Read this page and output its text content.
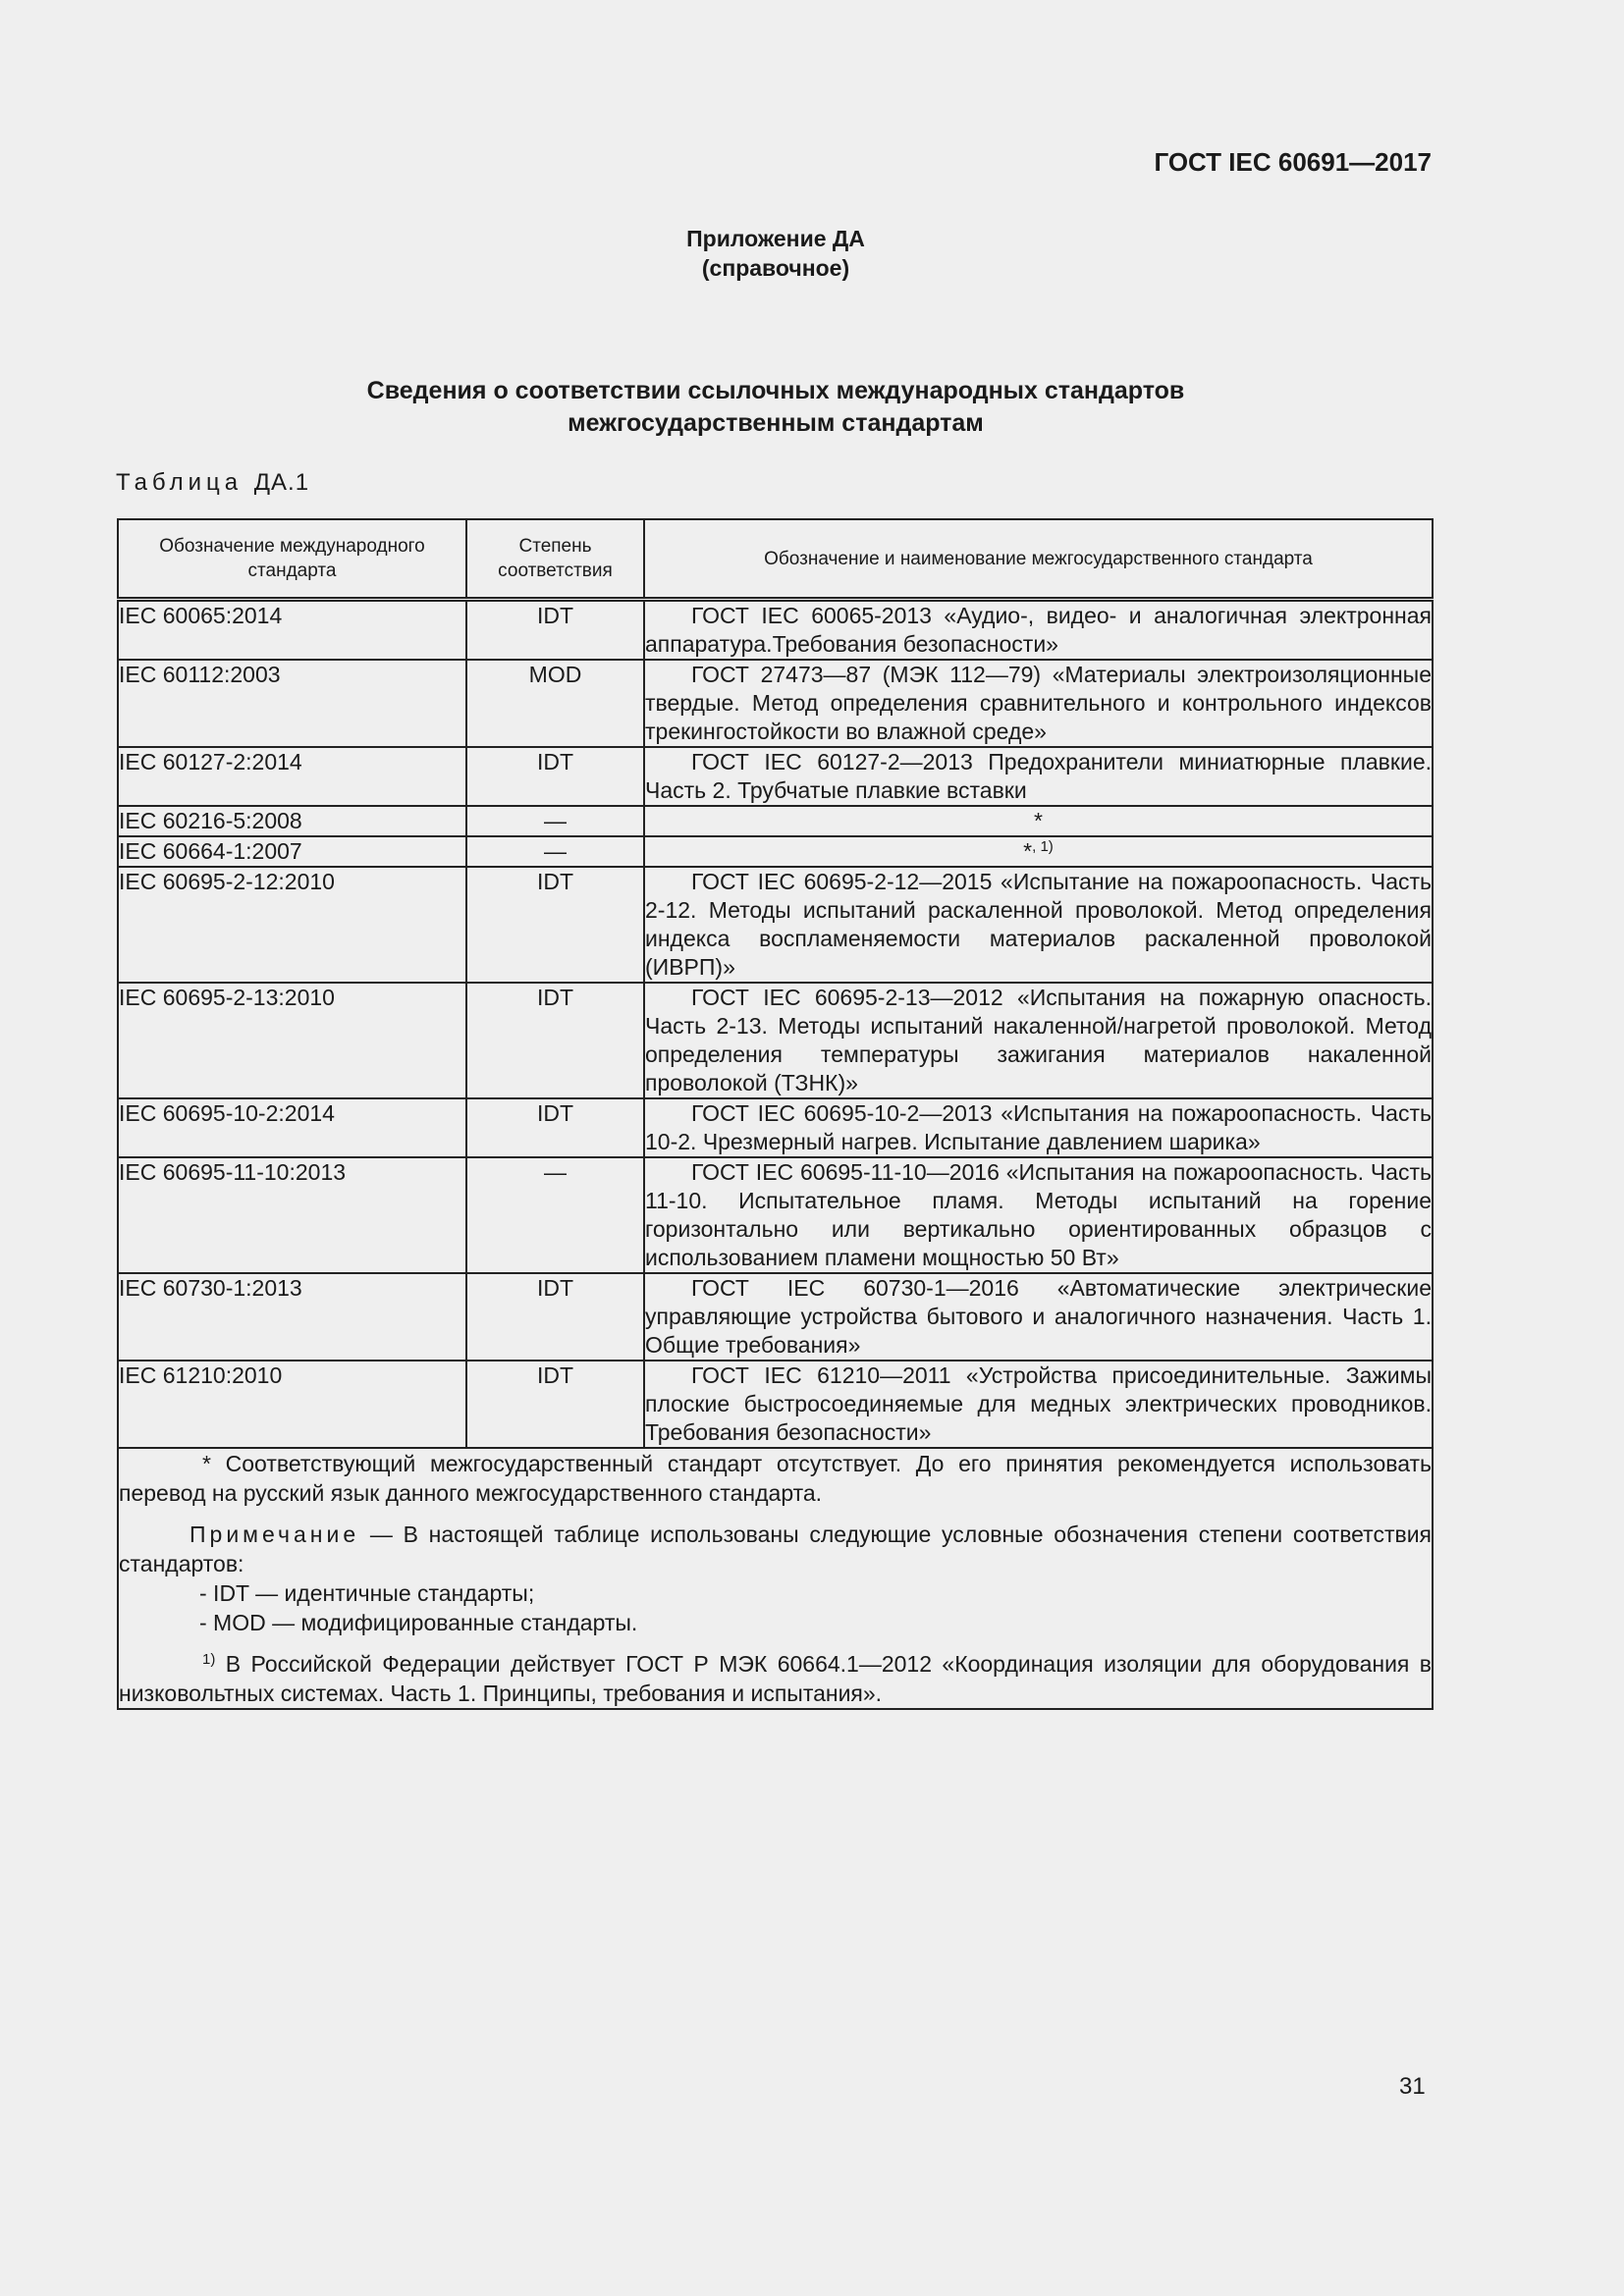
ГОСТ IEC 60691—2017
Приложение ДА
(справочное)
Сведения о соответствии ссылочных международных стандартов
межгосударственным стандартам
Таблица ДА.1
Обозначение международного стандарта	Степень соответствия	Обозначение и наименование межгосударственного стандарта
IEC 60065:2014	IDT	ГОСТ IEC 60065-2013 «Аудио-, видео- и аналогичная электронная аппаратура.Требования безопасности»

IEC 60112:2003	MOD	ГОСТ 27473—87 (МЭК 112—79) «Материалы электроизоляционные твердые. Метод определения сравнительного и контрольного индексов трекингостойкости во влажной среде»

IEC 60127-2:2014	IDT	ГОСТ IEC 60127-2—2013 Предохранители миниатюрные плавкие. Часть 2. Трубчатые плавкие вставки

IEC 60216-5:2008	—	*
IEC 60664-1:2007	—	*$^{, 1)}$
IEC 60695-2-12:2010	IDT	ГОСТ IEC 60695-2-12—2015 «Испытание на пожароопасность. Часть 2-12. Методы испытаний раскаленной проволокой. Метод определения индекса воспламеняемости материалов раскаленной проволокой (ИВРП)»

IEC 60695-2-13:2010	IDT	ГОСТ IEC 60695-2-13—2012 «Испытания на пожарную опасность. Часть 2-13. Методы испытаний накаленной/нагретой проволокой. Метод определения температуры зажигания материалов накаленной проволокой (ТЗНК)»

IEC 60695-10-2:2014	IDT	ГОСТ IEC 60695-10-2—2013 «Испытания на пожароопасность. Часть 10-2. Чрезмерный нагрев. Испытание давлением шарика»

IEC 60695-11-10:2013	—	ГОСТ IEC 60695-11-10—2016 «Испытания на пожароопасность. Часть 11-10. Испытательное пламя. Методы испытаний на горение горизонтально или вертикально ориентированных образцов с использованием пламени мощностью 50 Вт»

IEC 60730-1:2013	IDT	ГОСТ IEC 60730-1—2016 «Автоматические электрические управляющие устройства бытового и аналогичного назначения. Часть 1. Общие требования»

IEC 61210:2010	IDT	ГОСТ IEC 61210—2011 «Устройства присоединительные. Зажимы плоские быстросоединяемые для медных электрических проводников. Требования безопасности»

* Соответствующий межгосударственный стандарт отсутствует. До его принятия рекомендуется использовать перевод на русский язык данного межгосударственного стандарта.

Примечание — В настоящей таблице использованы следующие условные обозначения степени соответствия стандартов:

- IDT — идентичные стандарты;
- MOD — модифицированные стандарты.

$^{1)}$ В Российской Федерации действует ГОСТ Р МЭК 60664.1—2012 «Координация изоляции для оборудования в низковольтных системах. Часть 1. Принципы, требования и испытания».		

31
